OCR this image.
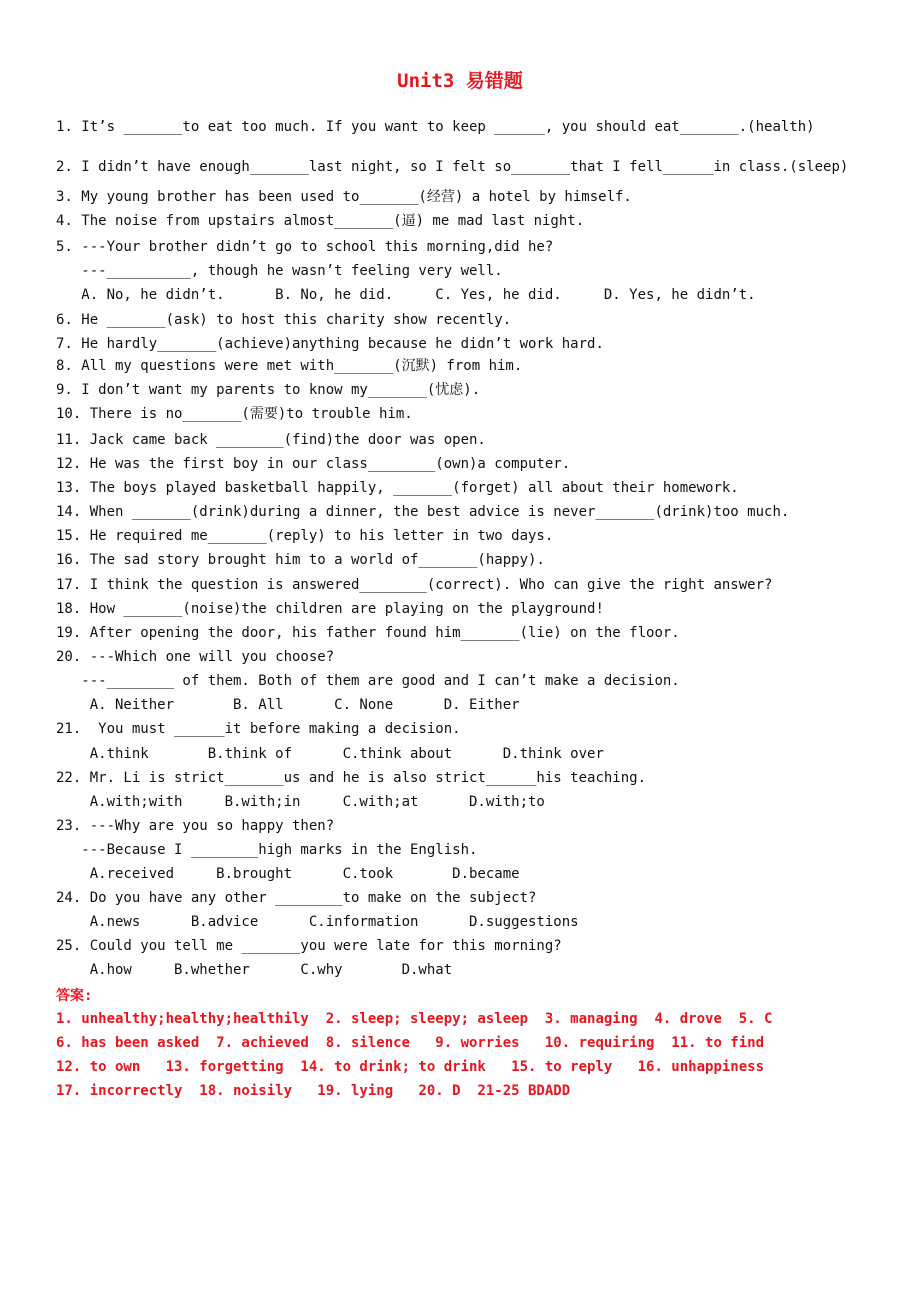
Unit3 易错题
1. It’s _______to eat too much. If you want to keep ______, you should eat_______.(health)
2. I didn’t have enough_______last night, so I felt so_______that I fell______in class.(sleep)
3. My young brother has been used to_______(经营) a hotel by himself.
4. The noise from upstairs almost_______(逼) me mad last night.
5. ---Your brother didn’t go to school this morning,did he?
---__________, though he wasn’t feeling very well.
A. No, he didn’t.      B. No, he did.     C. Yes, he did.     D. Yes, he didn’t.
6. He _______(ask) to host this charity show recently.
7. He hardly_______(achieve)anything because he didn’t work hard.
8. All my questions were met with_______(沉默) from him.
9. I don’t want my parents to know my_______(忧虑).
10. There is no_______(需要)to trouble him.
11. Jack came back ________(find)the door was open.
12. He was the first boy in our class________(own)a computer.
13. The boys played basketball happily, _______(forget) all about their homework.
14. When _______(drink)during a dinner, the best advice is never_______(drink)too much.
15. He required me_______(reply) to his letter in two days.
16. The sad story brought him to a world of_______(happy).
17. I think the question is answered________(correct). Who can give the right answer?
18. How _______(noise)the children are playing on the playground!
19. After opening the door, his father found him_______(lie) on the floor.
20. ---Which one will you choose?
---________ of them. Both of them are good and I can’t make a decision.
A. Neither       B. All      C. None      D. Either
21.  You must ______it before making a decision.
A.think       B.think of      C.think about      D.think over
22. Mr. Li is strict_______us and he is also strict______his teaching.
A.with;with     B.with;in     C.with;at      D.with;to
23. ---Why are you so happy then?
---Because I ________high marks in the English.
A.received     B.brought      C.took       D.became
24. Do you have any other ________to make on the subject?
A.news      B.advice      C.information      D.suggestions
25. Could you tell me _______you were late for this morning?
A.how     B.whether      C.why       D.what
答案:
1. unhealthy;healthy;healthily  2. sleep; sleepy; asleep  3. managing  4. drove  5. C
6. has been asked  7. achieved  8. silence   9. worries   10. requiring  11. to find
12. to own   13. forgetting  14. to drink; to drink   15. to reply   16. unhappiness
17. incorrectly  18. noisily   19. lying   20. D  21-25 BDADD
